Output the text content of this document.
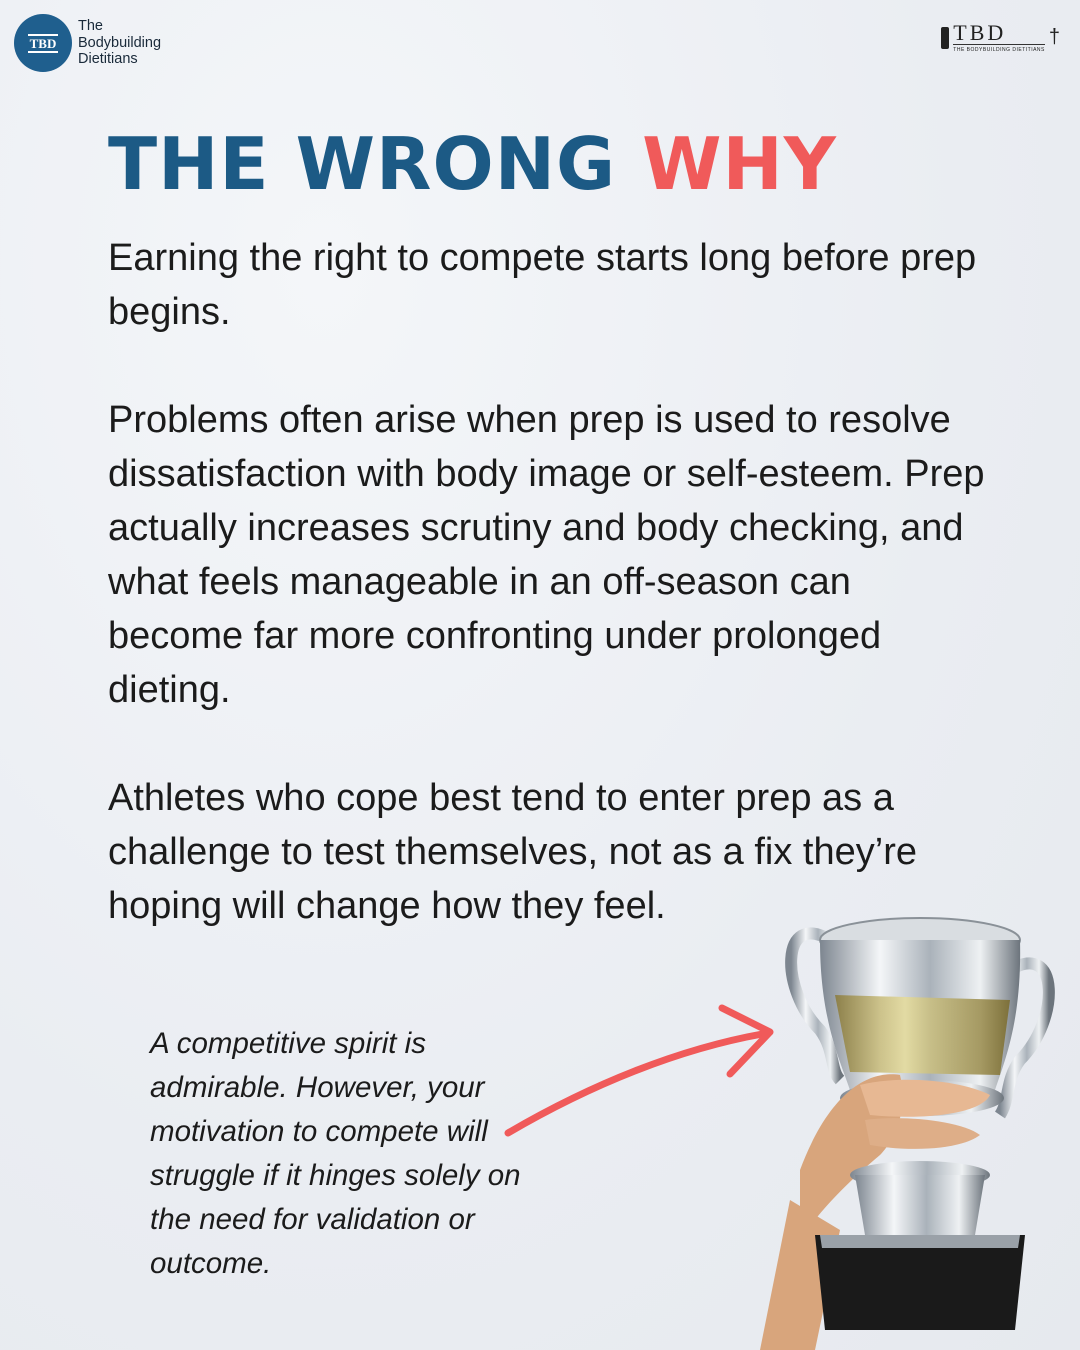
TBD
The
Bodybuilding
Dietitians
TBD
THE BODYBUILDING DIETITIANS
†
THE WRONG WHY

Earning the right to compete starts long before prep begins.

Problems often arise when prep is used to resolve dissatisfaction with body image or self-esteem. Prep actually increases scrutiny and body checking, and what feels manageable in an off-season can become far more confronting under prolonged dieting.

Athletes who cope best tend to enter prep as a challenge to test themselves, not as a fix they’re hoping will change how they feel.

A competitive spirit is admirable. However, your motivation to compete will struggle if it hinges solely on the need for validation or outcome.
